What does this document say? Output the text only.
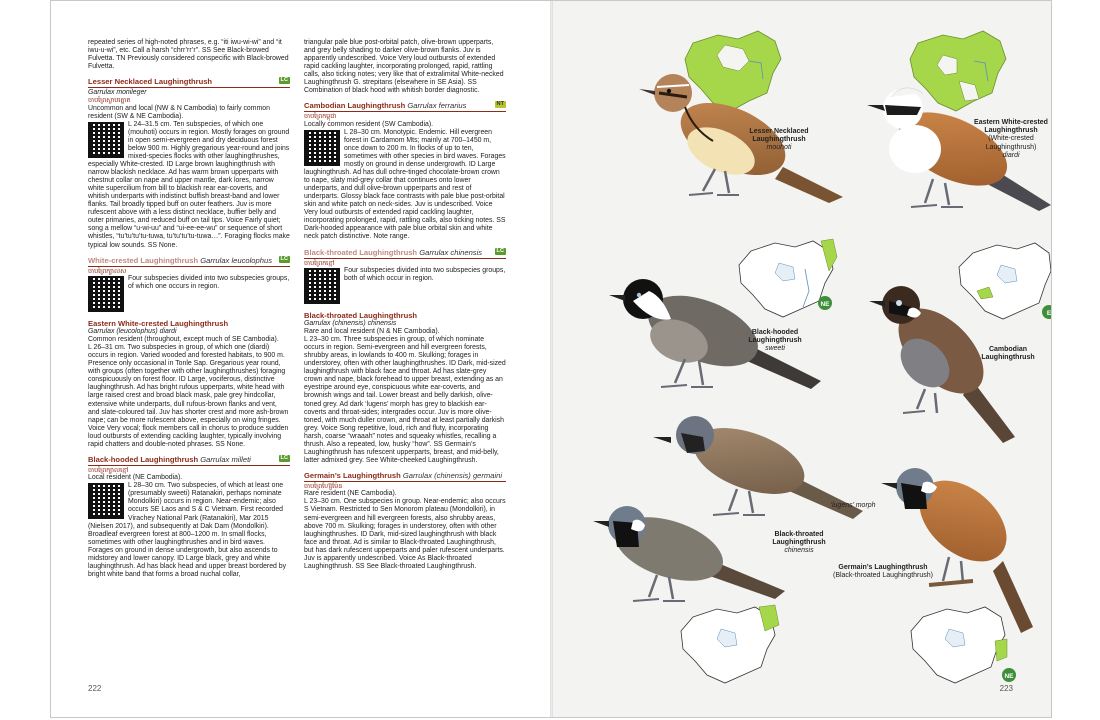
repeated series of high-noted phrases, e.g. “iti iwu-wi-wi” and “it iwu-u-wi”, etc. Call a harsh “chrr’rr’r”. SS See Black-browed Fulvetta. TN Previously considered conspecific with Black-browed Fulvetta.

Lesser Necklaced Laughingthrush	LC
Garrulax monileger
ចាបព្រៃស្លាបត្នោត
Uncommon and local (NW & N Cambodia) to fairly common resident (SW & NE Cambodia).
L 24–31.5 cm. Ten subspecies, of which one (mouhoti) occurs in region. Mostly forages on ground in open semi-evergreen and dry deciduous forest below 900 m. Highly gregarious year-round and joins mixed-species flocks with other laughingthrushes, especially White-crested. ID Large brown laughingthrush with narrow blackish necklace. Ad has warm brown upperparts with chestnut collar on nape and upper mantle, dark lores, narrow white supercilium from bill to blackish rear ear-coverts, and whitish underparts with indistinct buffish breast-band and lower flanks. Tail broadly tipped buff on outer feathers. Juv is more rufescent above with a less distinct necklace, buffier belly and outer primaries, and reduced buff on tail tips. Voice Fairly quiet; song a mellow “u-wi-uu” and “ui-ee-ee-wu” or sequence of short whistles, “tu’tu’tu’tu-tuwa, tu’tu’tu’tu-tuwa…”. Foraging flocks make typical low sounds. SS None.
White-crested Laughingthrush Garrulax leucolophus	LC
ចាបព្រៃក្បាលស
Four subspecies divided into two subspecies groups, of which one occurs in region.
Eastern White-crested Laughingthrush
Garrulax (leucolophus) diardi
Common resident (throughout, except much of SE Cambodia).
L 26–31 cm. Two subspecies in group, of which one (diardi) occurs in region. Varied wooded and forested habitats, to 900 m. Presence only occasional in Tonle Sap. Gregarious year round, with groups (often together with other laughingthrushes) foraging conspicuously on forest floor. ID Large, vociferous, distinctive laughingthrush. Ad has bright rufous upperparts, white head with large raised crest and broad black mask, pale grey hindcollar, extensive white underparts, dull rufous-brown flanks and vent, and slate-coloured tail. Juv has shorter crest and more ash-brown nape; can be more rufescent above, especially on wing fringes. Voice Very vocal; flock members call in chorus to produce sudden loud outbursts of extending cackling laughter, typically involving rapid chatters and double-noted phrases. SS None.
Black-hooded Laughingthrush Garrulax milleti	LC
ចាបព្រៃក្បាលខ្មៅ
Local resident (NE Cambodia).
L 28–30 cm. Two subspecies, of which at least one (presumably sweeti) Ratanakiri, perhaps nominate Mondolkiri) occurs in region. Near-endemic; also occurs SE Laos and S & C Vietnam. First recorded Virachey National Park (Ratanakiri), Mar 2015 (Nielsen 2017), and subsequently at Dak Dam (Mondolkiri). Broadleaf evergreen forest at 800–1200 m. In small flocks, sometimes with other laughingthrushes and in bird waves. Forages on ground in dense undergrowth, but also ascends to midstorey and lower canopy. ID Large black, grey and white laughingthrush. Ad has black head and upper breast bordered by bright white band that forms a broad nuchal collar,

triangular pale blue post-orbital patch, olive-brown upperparts, and grey belly shading to darker olive-brown flanks. Juv is apparently undescribed. Voice Very loud outbursts of extended rapid cackling laughter, incorporating prolonged, rapid, rattling calls, also ticking notes; very like that of extralimital White-necked Laughingthrush G. strepitans (elsewhere in SE Asia). SS Combination of black hood with whitish border diagnostic.

Cambodian Laughingthrush Garrulax ferrarius	NT
ចាបព្រៃកម្ពុជា
Locally common resident (SW Cambodia).
L 28–30 cm. Monotypic. Endemic. Hill evergreen forest in Cardamom Mts; mainly at 700–1450 m, once down to 200 m. In flocks of up to ten, sometimes with other species in bird waves. Forages mostly on ground in dense undergrowth. ID Large laughingthrush. Ad has dull ochre-tinged chocolate-brown crown to nape, slaty mid-grey collar that continues onto lower underparts, and dull olive-brown upperparts and rest of underparts. Glossy black face contrasts with pale blue post-orbital skin and white patch on neck-sides. Juv is undescribed. Voice Very loud outbursts of extended rapid cackling laughter, incorporating prolonged, rapid, rattling calls, also ticking notes. SS Dark-hooded appearance with pale blue orbital skin and white neck patch distinctive. Note range.
Black-throated Laughingthrush Garrulax chinensis	LC
ចាបព្រៃកខ្មៅ
Four subspecies divided into two subspecies groups, both of which occur in region.
Black-throated Laughingthrush
Garrulax (chinensis) chinensis
Rare and local resident (N & NE Cambodia).
L 23–30 cm. Three subspecies in group, of which nominate occurs in region. Semi-evergreen and hill evergreen forests, shrubby areas, in lowlands to 400 m. Skulking; forages in understorey, often with other laughingthrushes. ID Dark, mid-sized laughingthrush with black face and throat. Ad has slate-grey crown and nape, black forehead to upper breast, extending as an eyestripe around eye, conspicuous white ear-coverts, and brownish wings and tail. Lower breast and belly darkish, olive-toned grey. Ad dark ‘lugens’ morph has grey to blackish ear-coverts and throat-sides; intergrades occur. Juv is more olive-toned, with much duller crown, and throat at least partially darkish grey. Voice Song repetitive, loud, rich and fluty, incorporating harsh, coarse “wraaah” notes and squeaky whistles, recalling a thrush. Also a repeated, low, husky “how”. SS Germain’s Laughingthrush has rufescent upperparts, breast, and mid-belly, latter admixed grey. See White-cheeked Laughingthrush.
Germain’s Laughingthrush Garrulax (chinensis) germaini
ចាបព្រៃហ្ស៊ែម៉ែន
Rare resident (NE Cambodia).
L 23–30 cm. One subspecies in group. Near-endemic; also occurs S Vietnam. Restricted to Sen Monorom plateau (Mondolkiri), in semi-evergreen and hill evergreen forests, also shrubby areas, above 700 m. Skulking; forages in understorey, often with other laughingthrushes. ID Dark, mid-sized laughingthrush with black face and throat. Ad is similar to Black-throated Laughingthrush, but has dark rufescent upperparts and paler rufescent underparts. Juv is apparently undescribed. Voice As Black-throated Laughingthrush. SS See Black-throated Laughingthrush.
222
NE
E
NE
Lesser Necklaced Laughingthrush
mouhoti
Eastern White-crested Laughingthrush
(White-crested Laughingthrush)
diardi
Black-hooded Laughingthrush
sweeti	Cambodian Laughingthrush
‘lugens’ morph
Black-throated Laughingthrush
chinensis
Germain’s Laughingthrush
(Black-throated Laughingthrush)
223
